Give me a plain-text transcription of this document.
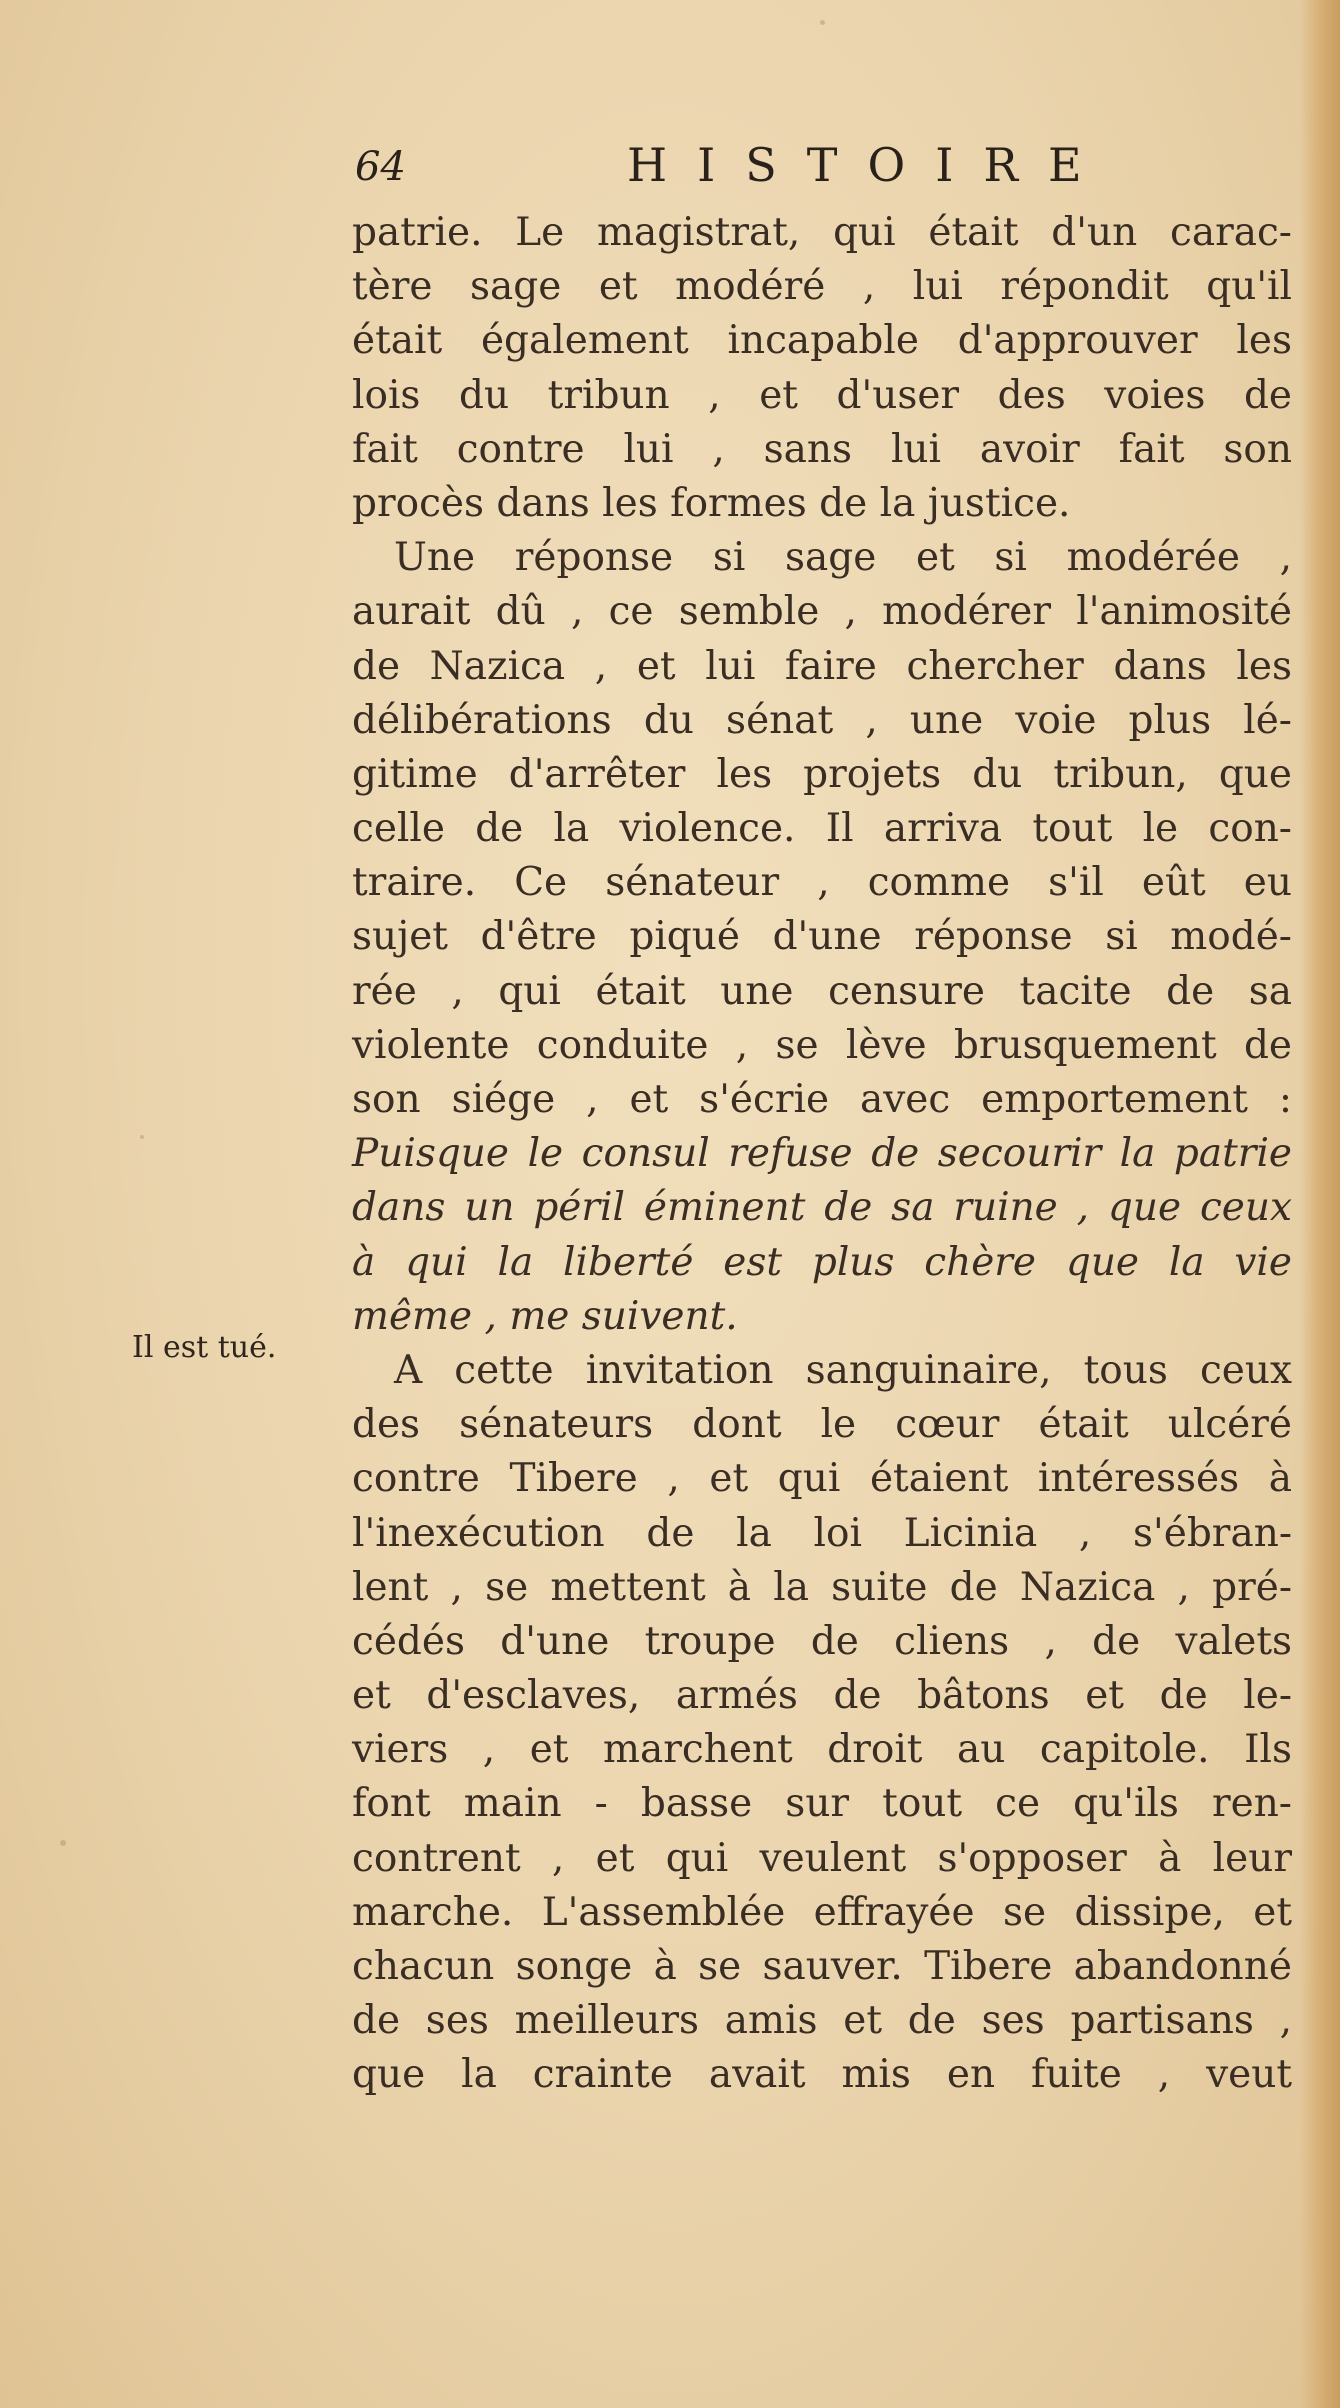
64	HISTOIRE
Il est tué.
patrie. Le magistrat, qui était d'un carac-
tère sage et modéré , lui répondit qu'il
était également incapable d'approuver les
lois du tribun , et d'user des voies de
fait contre lui , sans lui avoir fait son
procès dans les formes de la justice.
Une réponse si sage et si modérée ,
aurait dû , ce semble , modérer l'animosité
de Nazica , et lui faire chercher dans les
délibérations du sénat , une voie plus lé-
gitime d'arrêter les projets du tribun, que
celle de la violence. Il arriva tout le con-
traire. Ce sénateur , comme s'il eût eu
sujet d'être piqué d'une réponse si modé-
rée , qui était une censure tacite de sa
violente conduite , se lève brusquement de
son siége , et s'écrie avec emportement :
Puisque le consul refuse de secourir la patrie
dans un péril éminent de sa ruine , que ceux
à qui la liberté est plus chère que la vie
même , me suivent.
A cette invitation sanguinaire, tous ceux
des sénateurs dont le cœur était ulcéré
contre Tibere , et qui étaient intéressés à
l'inexécution de la loi Licinia , s'ébran-
lent , se mettent à la suite de Nazica , pré-
cédés d'une troupe de cliens , de valets
et d'esclaves, armés de bâtons et de le-
viers , et marchent droit au capitole. Ils
font main - basse sur tout ce qu'ils ren-
contrent , et qui veulent s'opposer à leur
marche. L'assemblée effrayée se dissipe, et
chacun songe à se sauver. Tibere abandonné
de ses meilleurs amis et de ses partisans ,
que la crainte avait mis en fuite , veut
